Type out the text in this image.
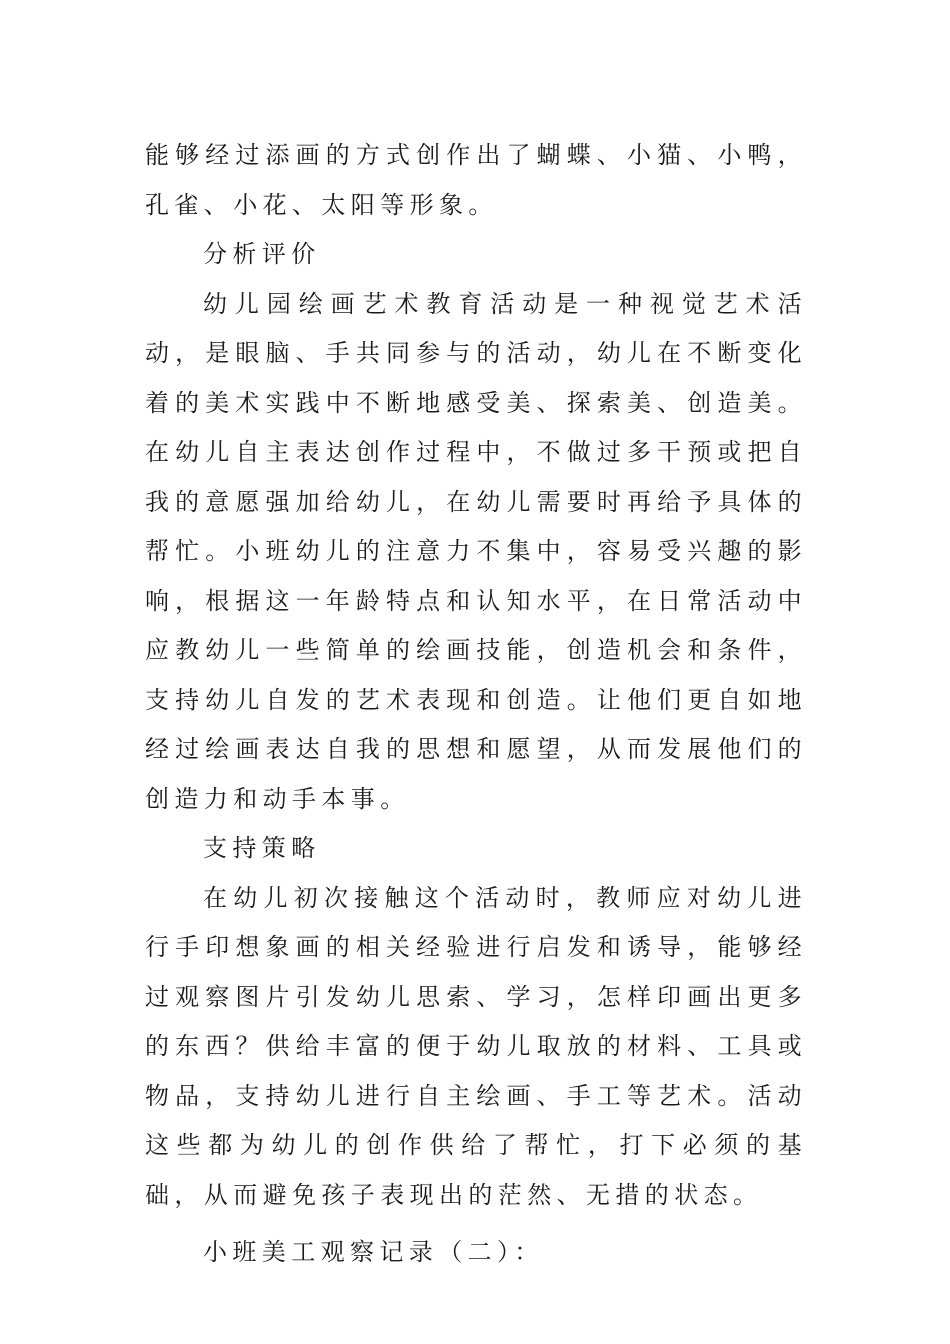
能够经过添画的方式创作出了蝴蝶、小猫、小鸭，孔雀、小花、太阳等形象。

分析评价

幼儿园绘画艺术教育活动是一种视觉艺术活动，是眼脑、手共同参与的活动，幼儿在不断变化着的美术实践中不断地感受美、探索美、创造美。在幼儿自主表达创作过程中，不做过多干预或把自我的意愿强加给幼儿，在幼儿需要时再给予具体的帮忙。小班幼儿的注意力不集中，容易受兴趣的影响，根据这一年龄特点和认知水平，在日常活动中应教幼儿一些简单的绘画技能，创造机会和条件，支持幼儿自发的艺术表现和创造。让他们更自如地经过绘画表达自我的思想和愿望，从而发展他们的创造力和动手本事。

支持策略

在幼儿初次接触这个活动时，教师应对幼儿进行手印想象画的相关经验进行启发和诱导，能够经过观察图片引发幼儿思索、学习，怎样印画出更多的东西？供给丰富的便于幼儿取放的材料、工具或物品，支持幼儿进行自主绘画、手工等艺术。活动这些都为幼儿的创作供给了帮忙，打下必须的基础，从而避免孩子表现出的茫然、无措的状态。

小班美工观察记录（二）：
